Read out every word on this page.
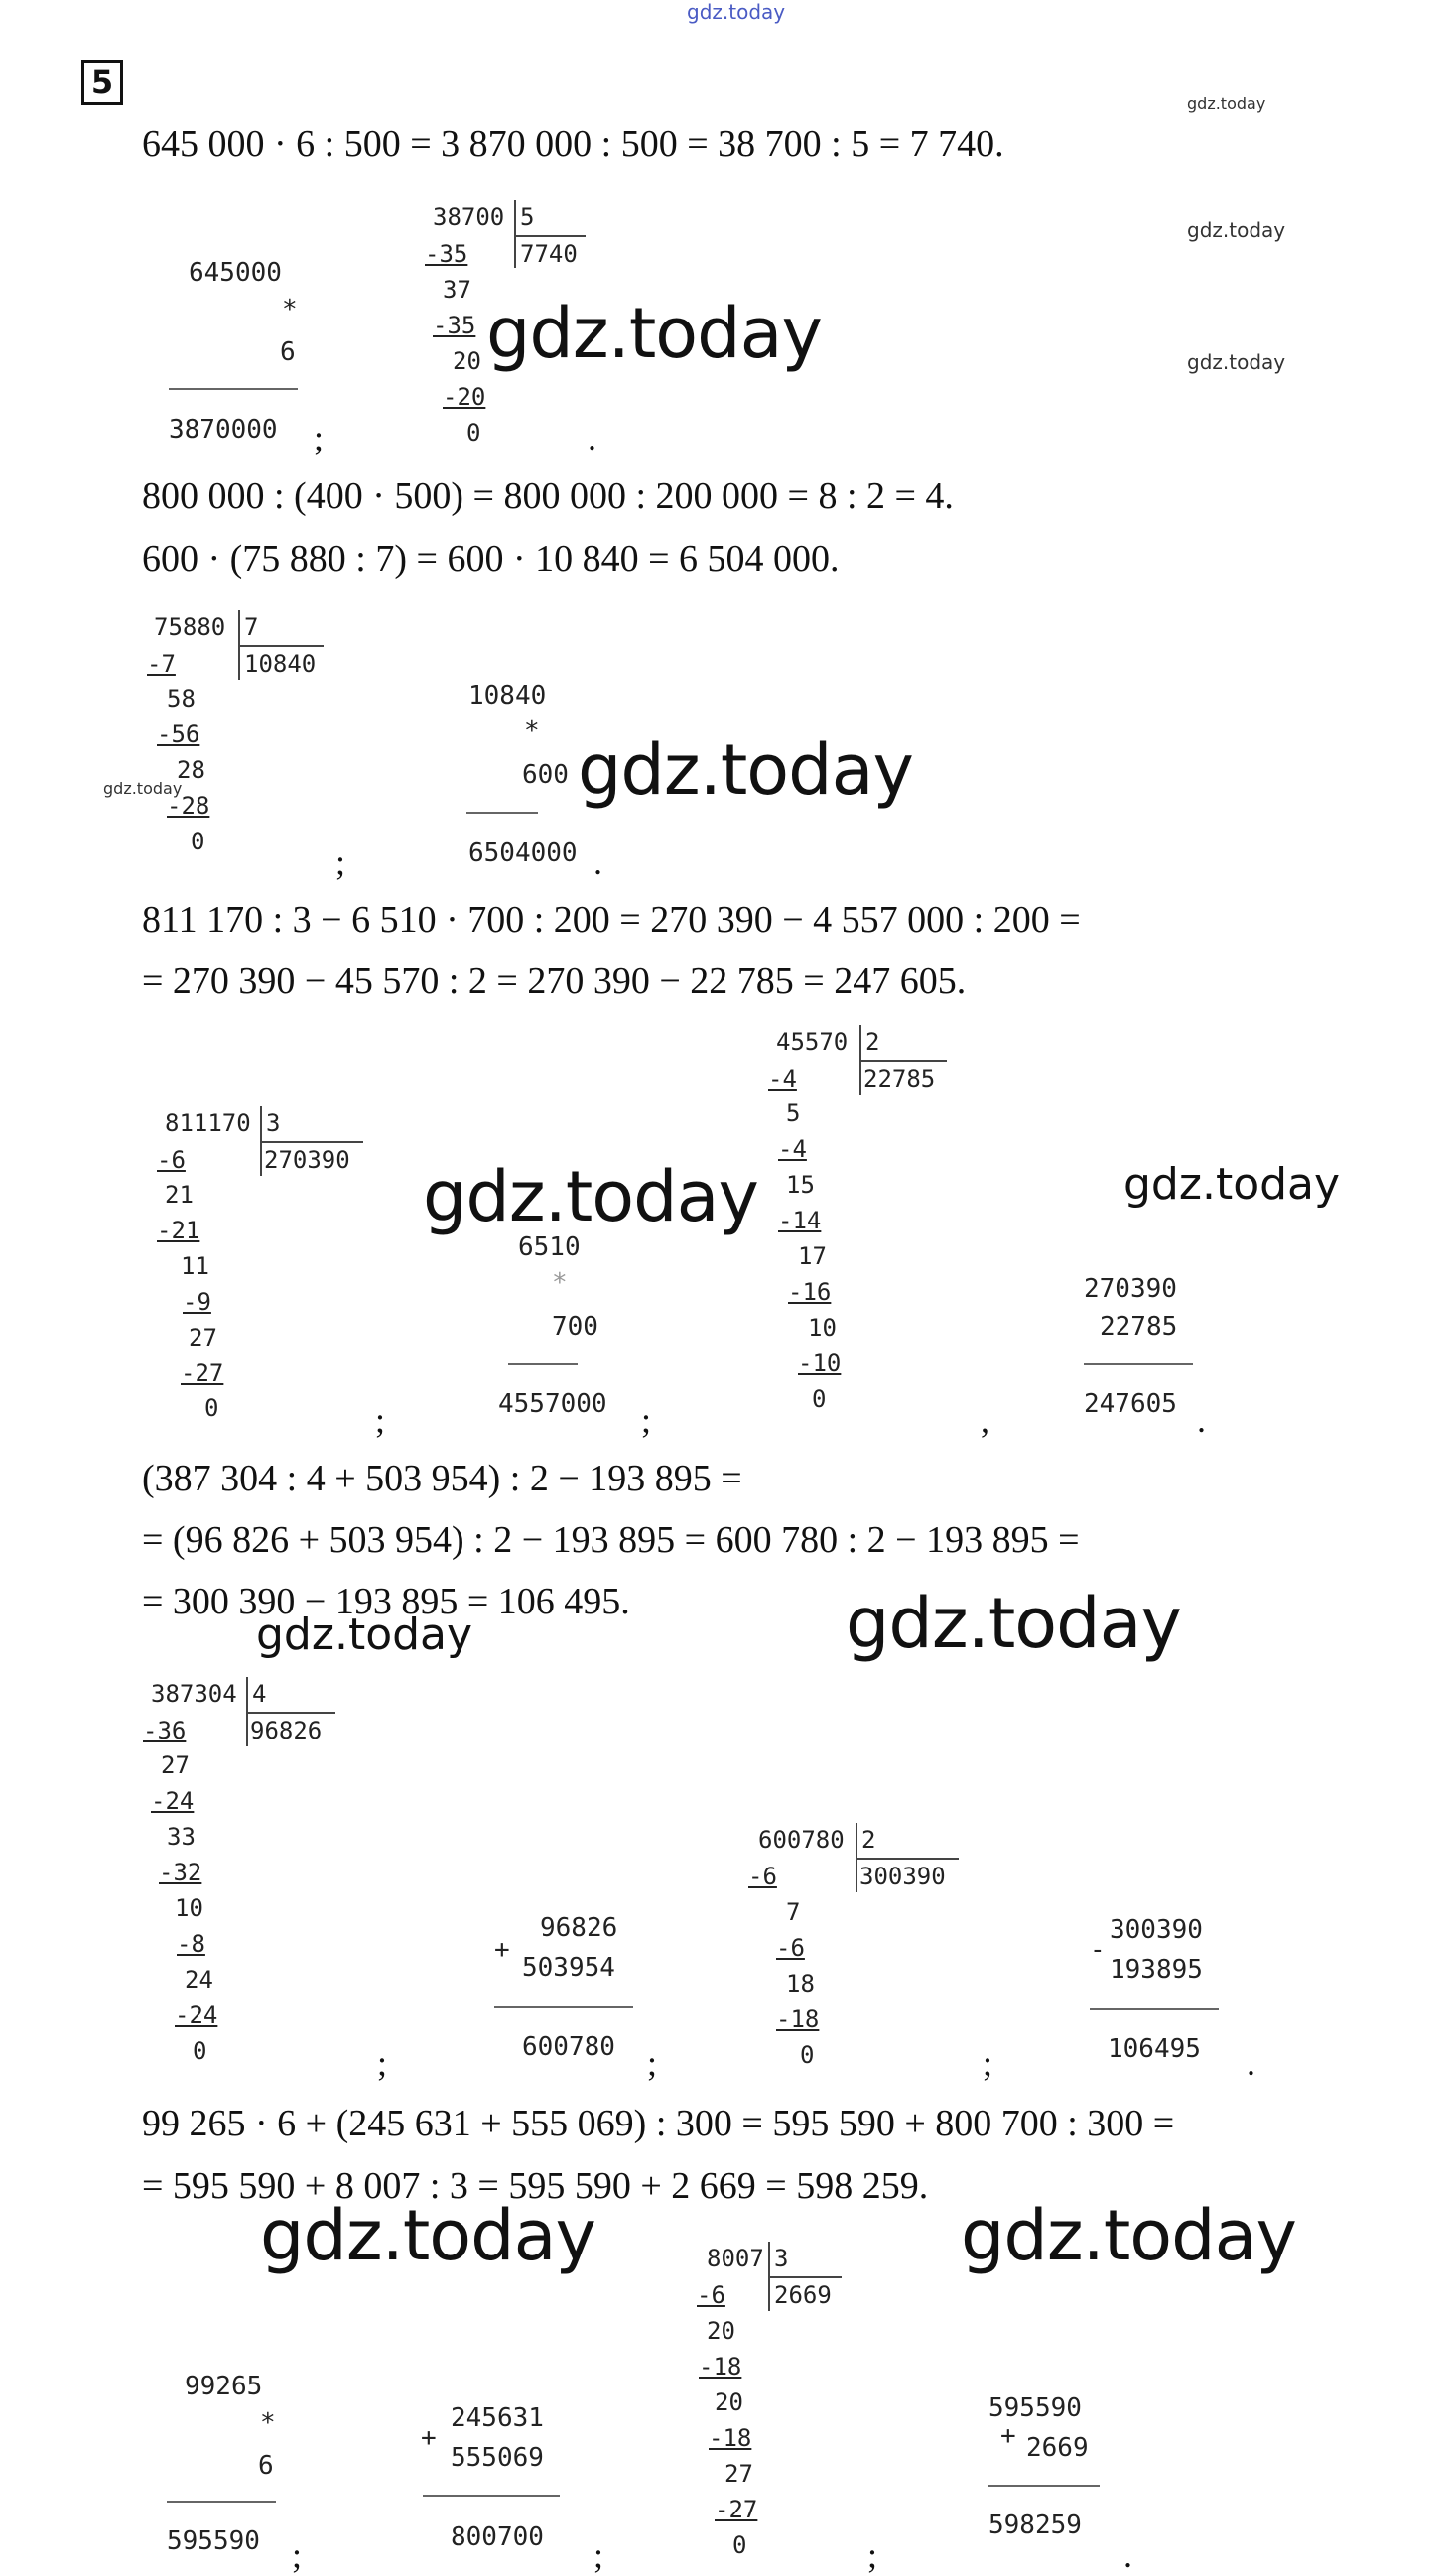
gdz.today
5
gdz.today
gdz.today
gdz.today
gdz.today
645 000 · 6 : 500 = 3 870 000 : 500 = 38 700 : 5 = 7 740.
645000
*
6
3870000 ;
38700 5
7740
-35
37
-35
20
-20
0	.
gdz.today
800 000 : (400 · 500) = 800 000 : 200 000 = 8 : 2 = 4.
600 · (75 880 : 7) = 600 · 10 840 = 6 504 000.
75880 7
10840
-7
58
-56
28
-28
0
;
10840
*
600
6504000 .
gdz.today
811 170 : 3 − 6 510 · 700 : 200 = 270 390 − 4 557 000 : 200 =
= 270 390 − 45 570 : 2 = 270 390 − 22 785 = 247 605.
811170 3
270390
-6
21
-21
11
-9
27
-27
0	;
6510
*
700
4557000 ;
45570 2
22785
-4
5
-4
15
-14
17
-16
10
-10
0
,
270390
22785
247605 .
gdz.today	gdz.today
(387 304 : 4 + 503 954) : 2 − 193 895 =
= (96 826 + 503 954) : 2 − 193 895 = 600 780 : 2 − 193 895 =
= 300 390 − 193 895 = 106 495.
gdz.today	gdz.today
387304 4
96826
-36
27
-24
33
-32
10
-8
24
-24
0	;
+
96826
503954
600780 ;
600780 2
300390
-6
7
-6
18
-18
0	;
-
300390
193895
106495 .
99 265 · 6 + (245 631 + 555 069) : 300 = 595 590 + 800 700 : 300 =
= 595 590 + 8 007 : 3 = 595 590 + 2 669 = 598 259.
gdz.today	gdz.today
99265
*
6
595590 ;
+
245631
555069
800700 ;
8007 3
2669
-6
20
-18
20
-18
27
-27
0	;
595590
+ 2669
598259
.
